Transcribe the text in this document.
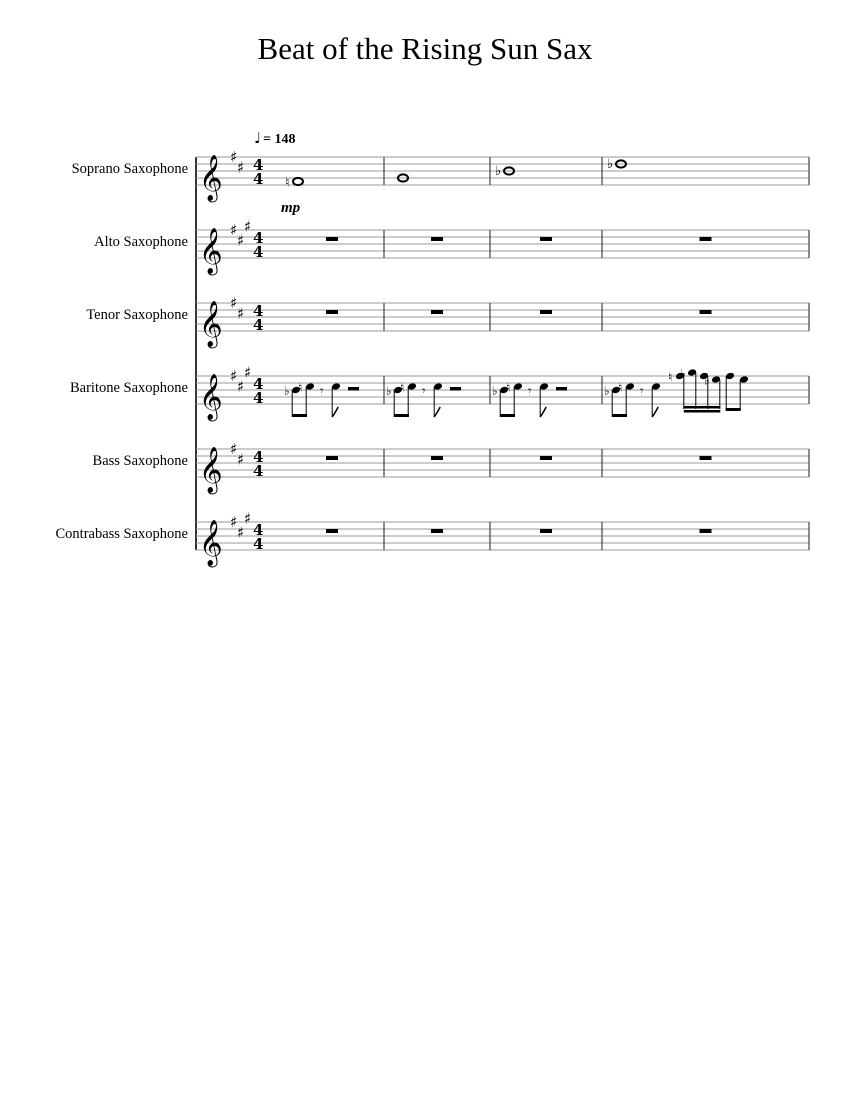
Beat of the Rising Sun Sax
♩ = 148
mp
Soprano Saxophone
Alto Saxophone
Tenor Saxophone
Baritone Saxophone
Bass Saxophone
Contrabass Saxophone
𝄞 ♯
♯ 4
4 ♮
♭	♭
𝄞 ♯
♯
♯
4
4
𝄞 ♯
♯ 4
4
𝄞 ♯
♯
♯
4
4 ♭ ♮ 𝄾	♭ ♮ 𝄾	♭ ♮ 𝄾	♭ ♮ 𝄾
♮ ♭ ♭
𝄞 ♯
♯ 4
4
𝄞 ♯
♯
♯
4
4
